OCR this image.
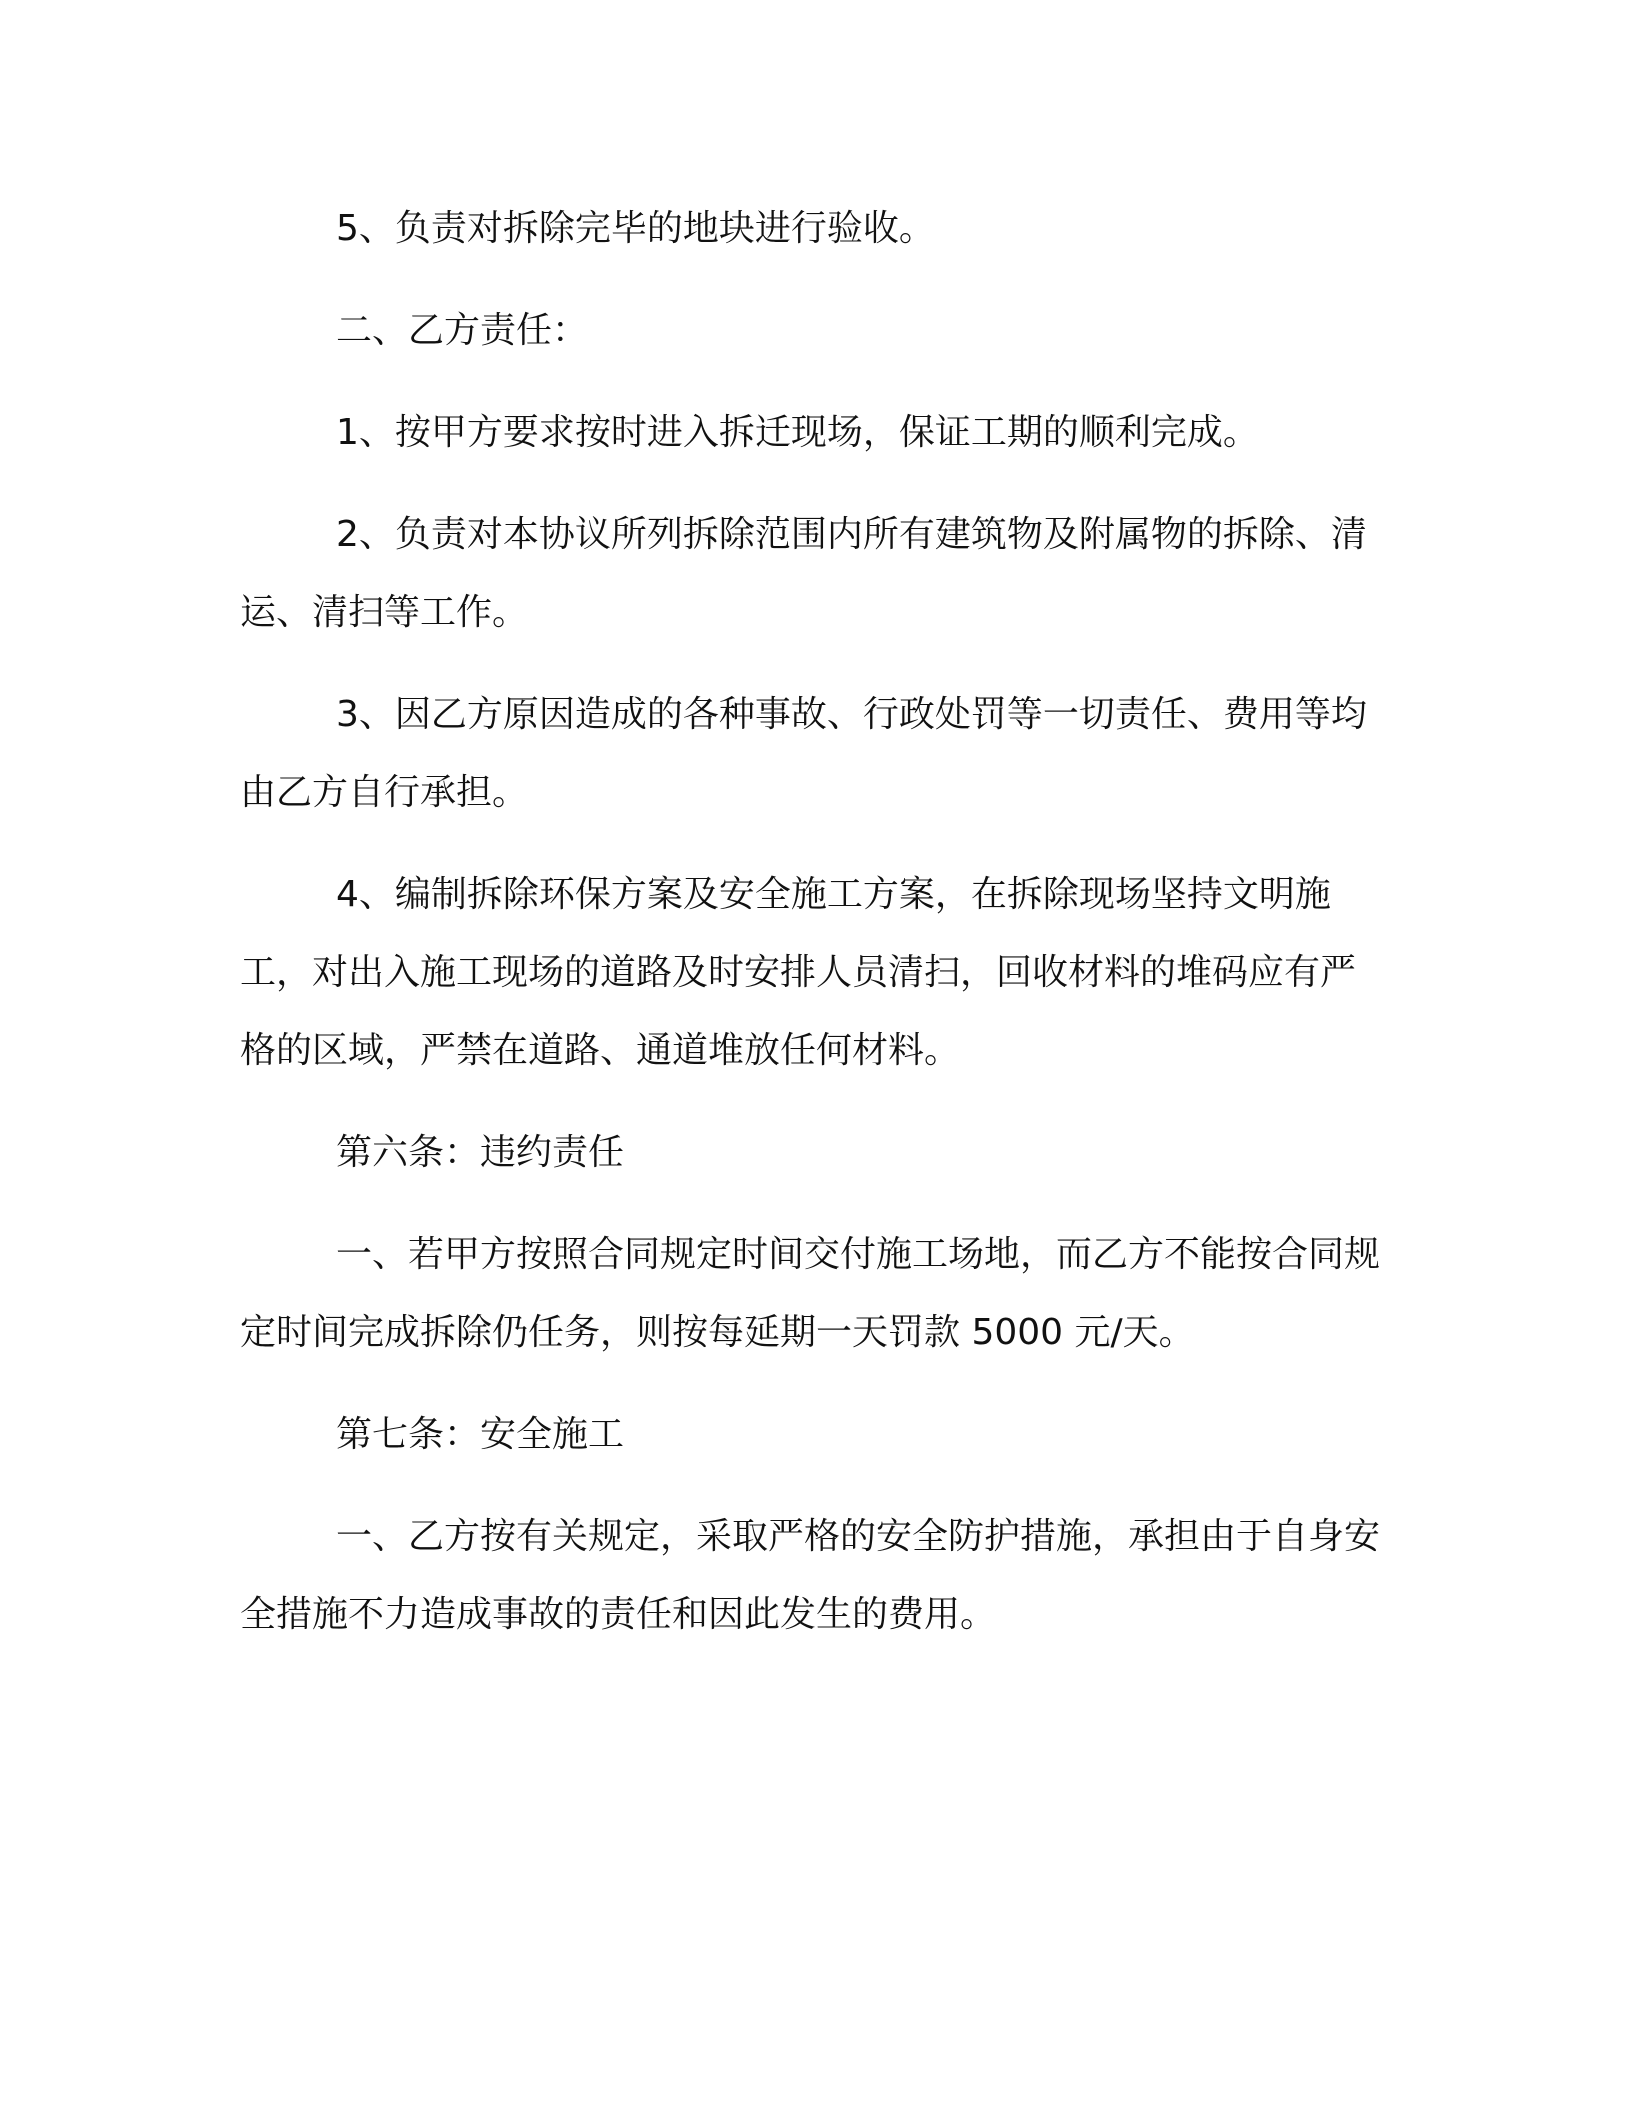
5、负责对拆除完毕的地块进行验收。

二、乙方责任：

1、按甲方要求按时进入拆迁现场，保证工期的顺利完成。

2、负责对本协议所列拆除范围内所有建筑物及附属物的拆除、清运、清扫等工作。

3、因乙方原因造成的各种事故、行政处罚等一切责任、费用等均由乙方自行承担。

4、编制拆除环保方案及安全施工方案，在拆除现场坚持文明施工，对出入施工现场的道路及时安排人员清扫，回收材料的堆码应有严格的区域，严禁在道路、通道堆放任何材料。

第六条：违约责任

一、若甲方按照合同规定时间交付施工场地，而乙方不能按合同规定时间完成拆除仍任务，则按每延期一天罚款 5000 元/天。

第七条：安全施工

一、乙方按有关规定，采取严格的安全防护措施，承担由于自身安全措施不力造成事故的责任和因此发生的费用。
